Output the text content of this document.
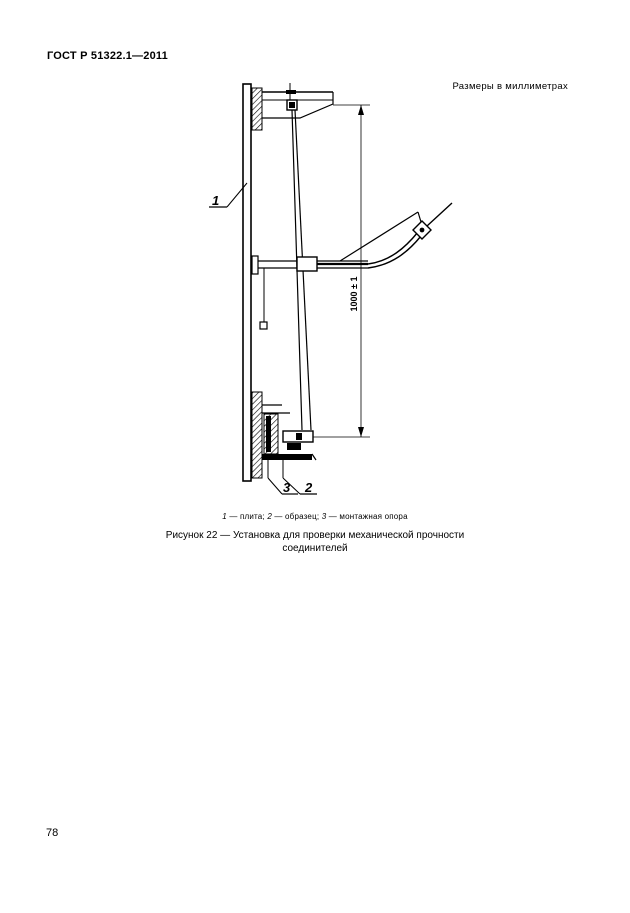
ГОСТ Р 51322.1—2011
Размеры в миллиметрах
1000 ± 1
1
3 2
1 — плита; 2 — образец; 3 — монтажная опора
Рисунок 22 — Установка для проверки механической прочности
соединителей
78
